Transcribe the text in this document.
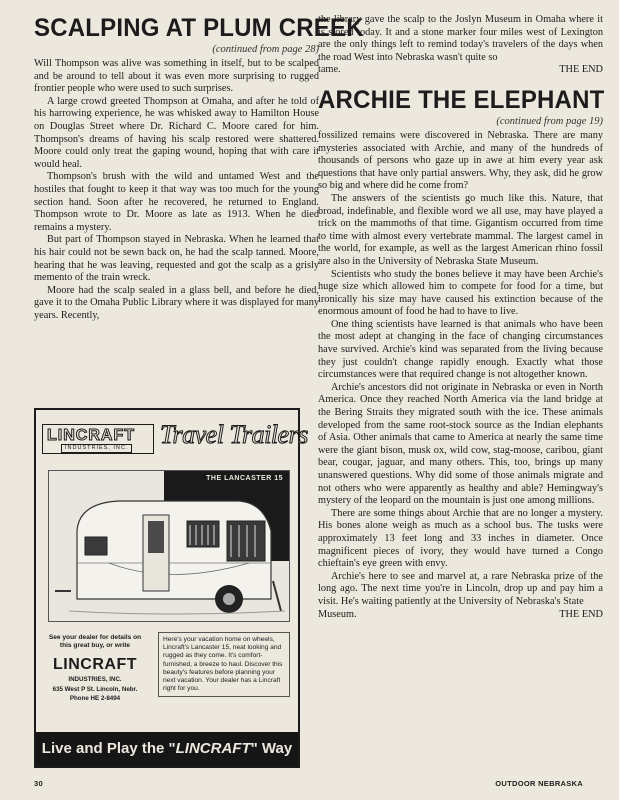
SCALPING AT PLUM CREEK
(continued from page 28)

Will Thompson was alive was something in itself, but to be scalped and be around to tell about it was even more surprising to rugged frontier people who were used to such surprises.

A large crowd greeted Thompson at Omaha, and after he told of his harrowing experience, he was whisked away to Hamilton House on Douglas Street where Dr. Richard C. Moore cared for him. Thompson's dreams of having his scalp restored were shattered. Moore could only treat the gaping wound, hoping that with care it would heal.

Thompson's brush with the wild and untamed West and the hostiles that fought to keep it that way was too much for the young section hand. Soon after he recovered, he returned to England. Thompson wrote to Dr. Moore as late as 1913. When he died remains a mystery.

But part of Thompson stayed in Nebraska. When he learned that his hair could not be sewn back on, he had the scalp tanned. Moore, hearing that he was leaving, requested and got the scalp as a grisly memento of the train wreck.

Moore had the scalp sealed in a glass bell, and before he died, gave it to the Omaha Public Library where it was displayed for many years. Recently,

LINCRAFT
INDUSTRIES, INC. Travel Trailers
THE LANCASTER 15
See your dealer for details on this great buy, or write
LINCRAFT
INDUSTRIES, INC.
635 West P St. Lincoln, Nebr.
Phone HE 2-8494
Here's your vacation home on wheels, Lincraft's Lancaster 15, neat looking and rugged as they come. It's comfort-furnished, a breeze to haul. Discover this beauty's features before planning your next vacation. Your dealer has a Lincraft right for you.
Live and Play the "LINCRAFT" Way

the library gave the scalp to the Joslyn Museum in Omaha where it is stored today. It and a stone marker four miles west of Lexington are the only things left to remind today's travelers of the days when the road West into Nebraska wasn't quite so

tame.	THE END
ARCHIE THE ELEPHANT
(continued from page 19)

fossilized remains were discovered in Nebraska. There are many mysteries associated with Archie, and many of the hundreds of thousands of persons who gaze up in awe at him every year ask questions that have only partial answers. Why, they ask, did he grow so big and where did he come from?

The answers of the scientists go much like this. Nature, that broad, indefinable, and flexible word we all use, may have played a trick on the mammoths of that time. Gigantism occurred from time to time with almost every vertebrate mammal. The largest camel in the world, for example, as well as the largest American rhino fossil are also in the University of Nebraska State Museum.

Scientists who study the bones believe it may have been Archie's huge size which allowed him to compete for food for a time, but ironically his size may have caused his extinction because of the enormous amount of food he had to have to live.

One thing scientists have learned is that animals who have been the most adept at changing in the face of changing circumstances have survived. Archie's kind was separated from the living because they just couldn't change rapidly enough. Exactly what those circumstances were that required change is not altogether known.

Archie's ancestors did not originate in Nebraska or even in North America. Once they reached North America via the land bridge at the Bering Straits they migrated south with the ice. These animals developed from the same root-stock source as the Indian elephants of Asia. Other animals that came to America at nearly the same time were the giant bison, musk ox, wild cow, stag-moose, caribou, giant bear, cougar, jaguar, and many others. This, too, brings up many unanswered questions. Why did some of those animals migrate and not others who were apparently as healthy and able? Hemingway's mystery of the leopard on the mountain is just one among millions.

There are some things about Archie that are no longer a mystery. His bones alone weigh as much as a school bus. The tusks were approximately 13 feet long and 33 inches in diameter. Once magnificent pieces of ivory, they would have turned a Congo chieftain's eye green with envy.

Archie's here to see and marvel at, a rare Nebraska prize of the long ago. The next time you're in Lincoln, drop up and pay him a visit. He's waiting patiently at the University of Nebraska's State

Museum.	THE END
30	OUTDOOR NEBRASKA
